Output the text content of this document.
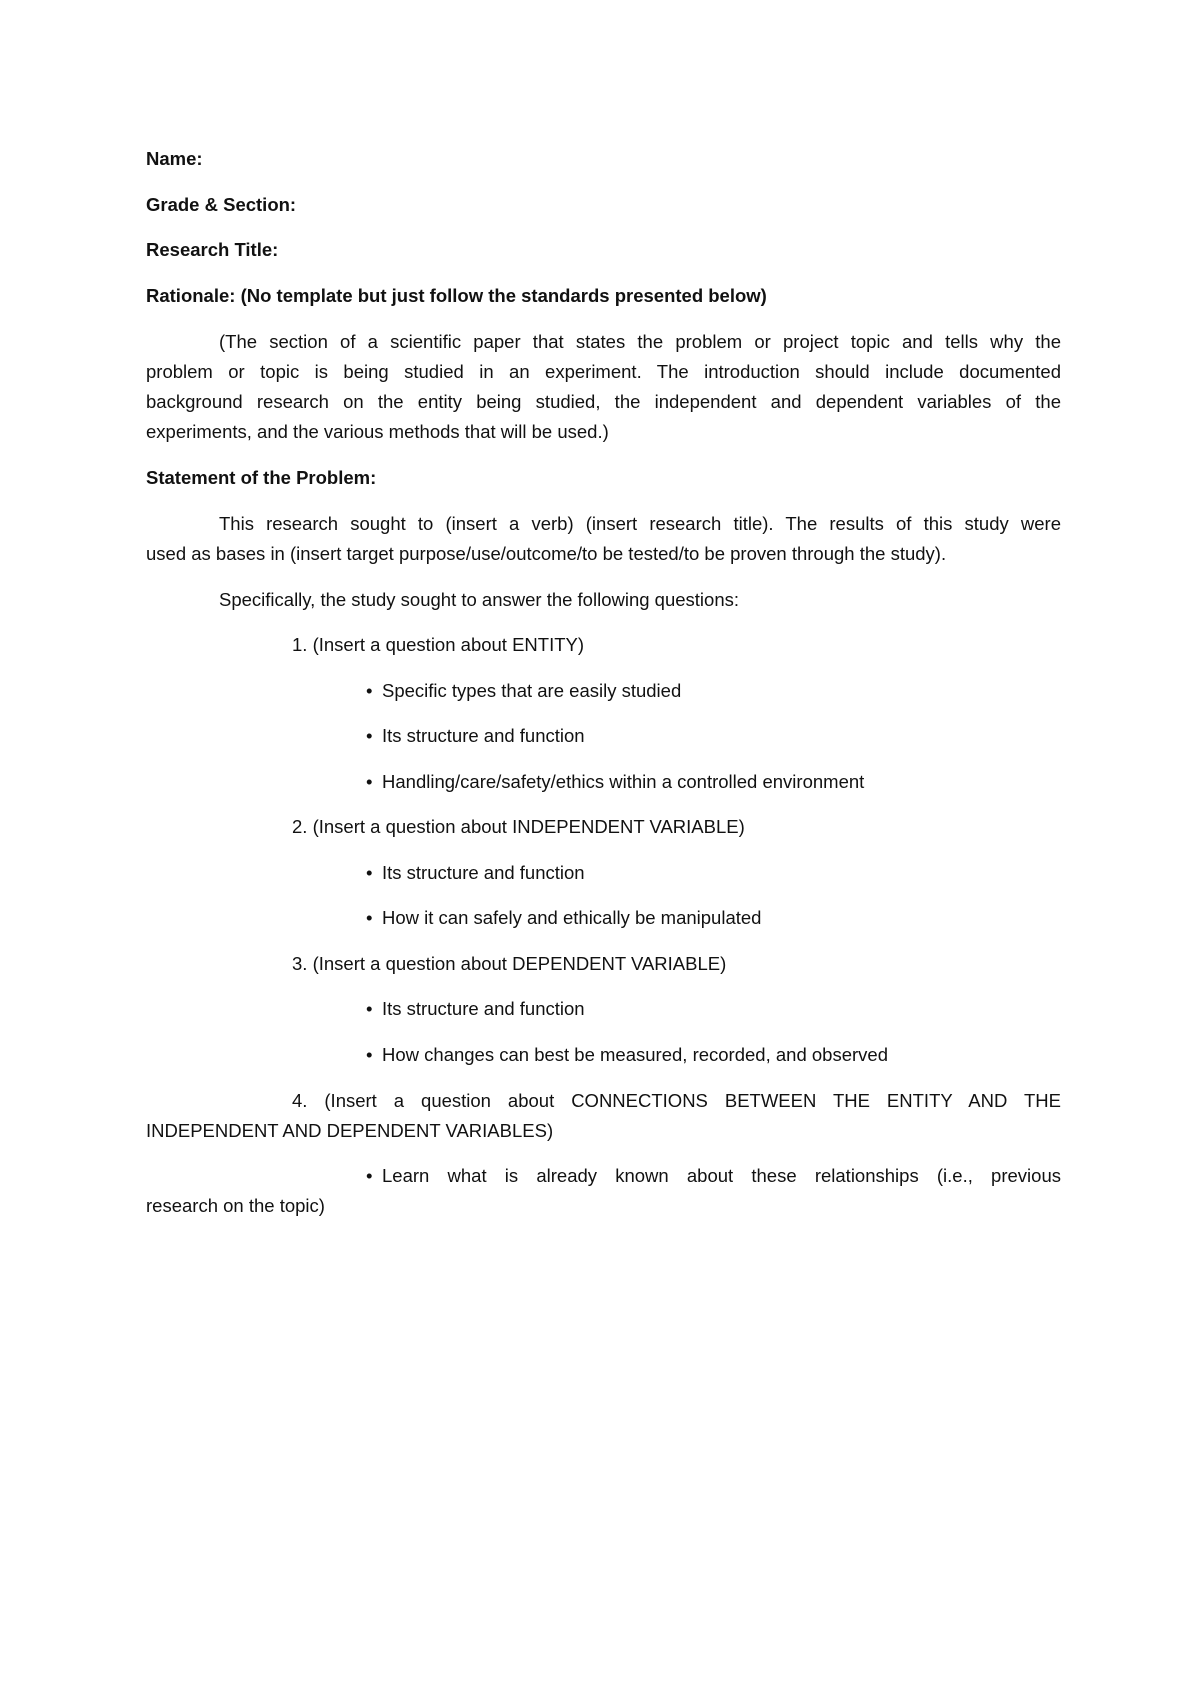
Name:

Grade & Section:

Research Title:

Rationale: (No template but just follow the standards presented below)

(The section of a scientific paper that states the problem or project topic and tells why the

problem or topic is being studied in an experiment. The introduction should include documented

background research on the entity being studied, the independent and dependent variables of the

experiments, and the various methods that will be used.)

Statement of the Problem:

This research sought to (insert a verb) (insert research title). The results of this study were

used as bases in (insert target purpose/use/outcome/to be tested/to be proven through the study).

Specifically, the study sought to answer the following questions:

1. (Insert a question about ENTITY)

• Specific types that are easily studied

• Its structure and function

• Handling/care/safety/ethics within a controlled environment

2. (Insert a question about INDEPENDENT VARIABLE)

• Its structure and function

• How it can safely and ethically be manipulated

3. (Insert a question about DEPENDENT VARIABLE)

• Its structure and function

• How changes can best be measured, recorded, and observed

4. (Insert a question about CONNECTIONS BETWEEN THE ENTITY AND THE

INDEPENDENT AND DEPENDENT VARIABLES)

• Learn what is already known about these relationships (i.e., previous

research on the topic)
